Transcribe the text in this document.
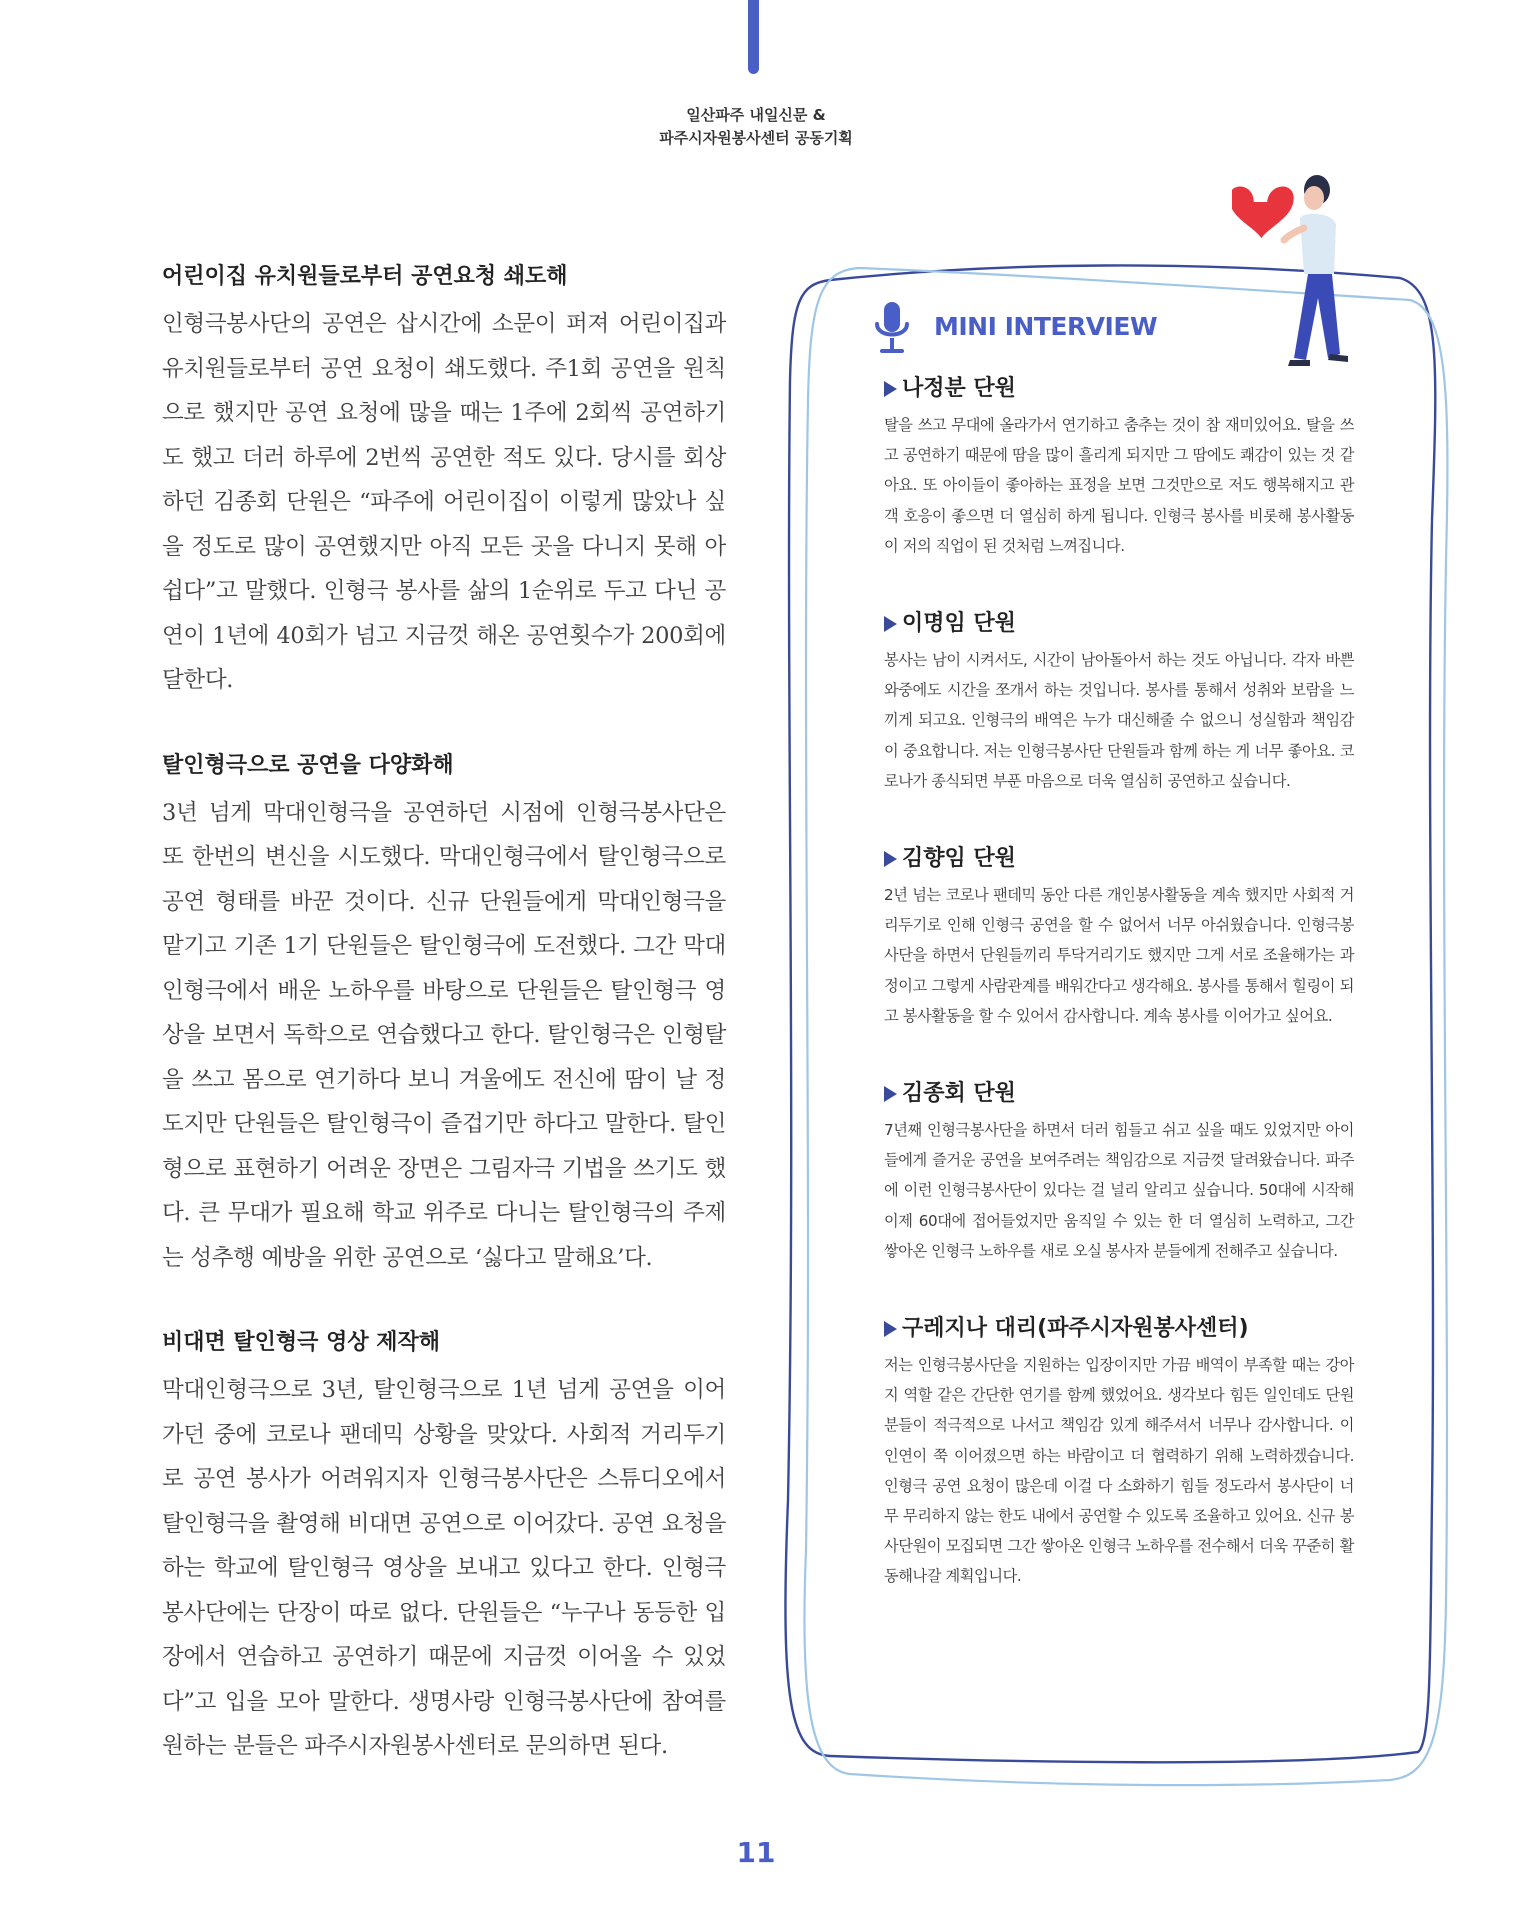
일산파주 내일신문 &
파주시자원봉사센터 공동기획
어린이집 유치원들로부터 공연요청 쇄도해

인형극봉사단의 공연은 삽시간에 소문이 퍼져 어린이집과 유치원들로부터 공연 요청이 쇄도했다. 주1회 공연을 원칙으로 했지만 공연 요청에 많을 때는 1주에 2회씩 공연하기도 했고 더러 하루에 2번씩 공연한 적도 있다. 당시를 회상하던 김종회 단원은 “파주에 어린이집이 이렇게 많았나 싶을 정도로 많이 공연했지만 아직 모든 곳을 다니지 못해 아쉽다”고 말했다. 인형극 봉사를 삶의 1순위로 두고 다닌 공연이 1년에 40회가 넘고 지금껏 해온 공연횟수가 200회에 달한다.

탈인형극으로 공연을 다양화해

3년 넘게 막대인형극을 공연하던 시점에 인형극봉사단은 또 한번의 변신을 시도했다. 막대인형극에서 탈인형극으로 공연 형태를 바꾼 것이다. 신규 단원들에게 막대인형극을 맡기고 기존 1기 단원들은 탈인형극에 도전했다. 그간 막대인형극에서 배운 노하우를 바탕으로 단원들은 탈인형극 영상을 보면서 독학으로 연습했다고 한다. 탈인형극은 인형탈을 쓰고 몸으로 연기하다 보니 겨울에도 전신에 땀이 날 정도지만 단원들은 탈인형극이 즐겁기만 하다고 말한다. 탈인형으로 표현하기 어려운 장면은 그림자극 기법을 쓰기도 했다. 큰 무대가 필요해 학교 위주로 다니는 탈인형극의 주제는 성추행 예방을 위한 공연으로 ‘싫다고 말해요’다.

비대면 탈인형극 영상 제작해

막대인형극으로 3년, 탈인형극으로 1년 넘게 공연을 이어가던 중에 코로나 팬데믹 상황을 맞았다. 사회적 거리두기로 공연 봉사가 어려워지자 인형극봉사단은 스튜디오에서 탈인형극을 촬영해 비대면 공연으로 이어갔다. 공연 요청을 하는 학교에 탈인형극 영상을 보내고 있다고 한다. 인형극봉사단에는 단장이 따로 없다. 단원들은 “누구나 동등한 입장에서 연습하고 공연하기 때문에 지금껏 이어올 수 있었다”고 입을 모아 말한다. 생명사랑 인형극봉사단에 참여를 원하는 분들은 파주시자원봉사센터로 문의하면 된다.

MINI INTERVIEW
나정분 단원

탈을 쓰고 무대에 올라가서 연기하고 춤추는 것이 참 재미있어요. 탈을 쓰고 공연하기 때문에 땀을 많이 흘리게 되지만 그 땀에도 쾌감이 있는 것 같아요. 또 아이들이 좋아하는 표정을 보면 그것만으로 저도 행복해지고 관객 호응이 좋으면 더 열심히 하게 됩니다. 인형극 봉사를 비롯해 봉사활동이 저의 직업이 된 것처럼 느껴집니다.

이명임 단원

봉사는 남이 시켜서도, 시간이 남아돌아서 하는 것도 아닙니다. 각자 바쁜 와중에도 시간을 쪼개서 하는 것입니다. 봉사를 통해서 성취와 보람을 느끼게 되고요. 인형극의 배역은 누가 대신해줄 수 없으니 성실함과 책임감이 중요합니다. 저는 인형극봉사단 단원들과 함께 하는 게 너무 좋아요. 코로나가 종식되면 부푼 마음으로 더욱 열심히 공연하고 싶습니다.

김향임 단원

2년 넘는 코로나 팬데믹 동안 다른 개인봉사활동을 계속 했지만 사회적 거리두기로 인해 인형극 공연을 할 수 없어서 너무 아쉬웠습니다. 인형극봉사단을 하면서 단원들끼리 투닥거리기도 했지만 그게 서로 조율해가는 과정이고 그렇게 사람관계를 배워간다고 생각해요. 봉사를 통해서 힐링이 되고 봉사활동을 할 수 있어서 감사합니다. 계속 봉사를 이어가고 싶어요.

김종회 단원

7년째 인형극봉사단을 하면서 더러 힘들고 쉬고 싶을 때도 있었지만 아이들에게 즐거운 공연을 보여주려는 책임감으로 지금껏 달려왔습니다. 파주에 이런 인형극봉사단이 있다는 걸 널리 알리고 싶습니다. 50대에 시작해 이제 60대에 접어들었지만 움직일 수 있는 한 더 열심히 노력하고, 그간 쌓아온 인형극 노하우를 새로 오실 봉사자 분들에게 전해주고 싶습니다.

구레지나 대리(파주시자원봉사센터)

저는 인형극봉사단을 지원하는 입장이지만 가끔 배역이 부족할 때는 강아지 역할 같은 간단한 연기를 함께 했었어요. 생각보다 힘든 일인데도 단원분들이 적극적으로 나서고 책임감 있게 해주셔서 너무나 감사합니다. 이 인연이 쭉 이어졌으면 하는 바람이고 더 협력하기 위해 노력하겠습니다. 인형극 공연 요청이 많은데 이걸 다 소화하기 힘들 정도라서 봉사단이 너무 무리하지 않는 한도 내에서 공연할 수 있도록 조율하고 있어요. 신규 봉사단원이 모집되면 그간 쌓아온 인형극 노하우를 전수해서 더욱 꾸준히 활동해나갈 계획입니다.

11
